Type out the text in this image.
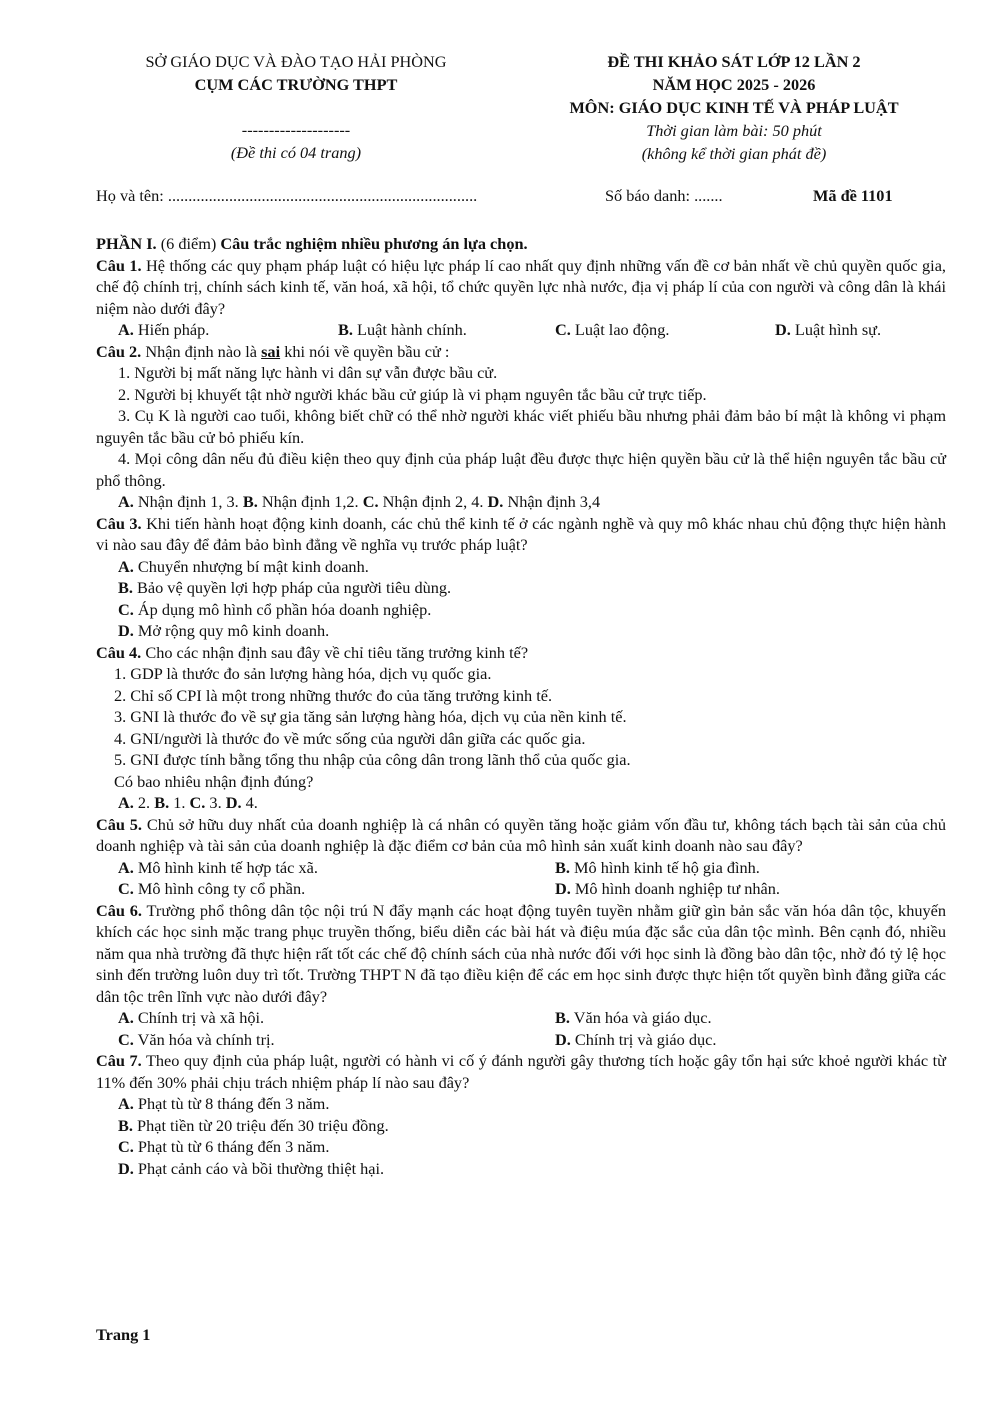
SỞ GIÁO DỤC VÀ ĐÀO TẠO HẢI PHÒNG
CỤM CÁC TRƯỜNG THPT
--------------------
(Đề thi có 04 trang)
ĐỀ THI KHẢO SÁT LỚP 12 LẦN 2
NĂM HỌC 2025 - 2026
MÔN: GIÁO DỤC KINH TẾ VÀ PHÁP LUẬT
Thời gian làm bài: 50 phút
(không kể thời gian phát đề)
Họ và tên: ............................................................................	Số báo danh: .......	Mã đề 1101
PHẦN I. (6 điểm) Câu trắc nghiệm nhiều phương án lựa chọn.
Câu 1. Hệ thống các quy phạm pháp luật có hiệu lực pháp lí cao nhất quy định những vấn đề cơ bản nhất về chủ quyền quốc gia, chế độ chính trị, chính sách kinh tế, văn hoá, xã hội, tổ chức quyền lực nhà nước, địa vị pháp lí của con người và công dân là khái niệm nào dưới đây?
A. Hiến pháp.	B. Luật hành chính.	C. Luật lao động.	D. Luật hình sự.
Câu 2. Nhận định nào là sai khi nói về quyền bầu cử :
1. Người bị mất năng lực hành vi dân sự vẫn được bầu cử.
2. Người bị khuyết tật nhờ người khác bầu cử giúp là vi phạm nguyên tắc bầu cử trực tiếp.
3. Cụ K là người cao tuổi, không biết chữ có thể nhờ người khác viết phiếu bầu nhưng phải đảm bảo bí mật là không vi phạm nguyên tắc bầu cử bỏ phiếu kín.
4. Mọi công dân nếu đủ điều kiện theo quy định của pháp luật đều được thực hiện quyền bầu cử là thể hiện nguyên tắc bầu cử phổ thông.
A. Nhận định 1, 3. B. Nhận định 1,2. C. Nhận định 2, 4. D. Nhận định 3,4
Câu 3. Khi tiến hành hoạt động kinh doanh, các chủ thể kinh tế ở các ngành nghề và quy mô khác nhau chủ động thực hiện hành vi nào sau đây để đảm bảo bình đẳng về nghĩa vụ trước pháp luật?
A. Chuyển nhượng bí mật kinh doanh.
B. Bảo vệ quyền lợi hợp pháp của người tiêu dùng.
C. Áp dụng mô hình cổ phần hóa doanh nghiệp.
D. Mở rộng quy mô kinh doanh.
Câu 4. Cho các nhận định sau đây về chỉ tiêu tăng trưởng kinh tế?
1. GDP là thước đo sản lượng hàng hóa, dịch vụ quốc gia.
2. Chỉ số CPI là một trong những thước đo của tăng trưởng kinh tế.
3. GNI là thước đo về sự gia tăng sản lượng hàng hóa, dịch vụ của nền kinh tế.
4. GNI/người là thước đo về mức sống của người dân giữa các quốc gia.
5. GNI được tính bằng tổng thu nhập của công dân trong lãnh thổ của quốc gia.
Có bao nhiêu nhận định đúng?
A. 2. B. 1. C. 3. D. 4.
Câu 5. Chủ sở hữu duy nhất của doanh nghiệp là cá nhân có quyền tăng hoặc giảm vốn đầu tư, không tách bạch tài sản của chủ doanh nghiệp và tài sản của doanh nghiệp là đặc điểm cơ bản của mô hình sản xuất kinh doanh nào sau đây?
A. Mô hình kinh tế hợp tác xã.	B. Mô hình kinh tế hộ gia đình.
C. Mô hình công ty cổ phần.	D. Mô hình doanh nghiệp tư nhân.
Câu 6. Trường phổ thông dân tộc nội trú N đẩy mạnh các hoạt động tuyên tuyền nhằm giữ gìn bản sắc văn hóa dân tộc, khuyến khích các học sinh mặc trang phục truyền thống, biểu diễn các bài hát và điệu múa đặc sắc của dân tộc mình. Bên cạnh đó, nhiều năm qua nhà trường đã thực hiện rất tốt các chế độ chính sách của nhà nước đối với học sinh là đồng bào dân tộc, nhờ đó tỷ lệ học sinh đến trường luôn duy trì tốt. Trường THPT N đã tạo điều kiện để các em học sinh được thực hiện tốt quyền bình đẳng giữa các dân tộc trên lĩnh vực nào dưới đây?
A. Chính trị và xã hội.	B. Văn hóa và giáo dục.
C. Văn hóa và chính trị.	D. Chính trị và giáo dục.
Câu 7. Theo quy định của pháp luật, người có hành vi cố ý đánh người gây thương tích hoặc gây tổn hại sức khoẻ người khác từ 11% đến 30% phải chịu trách nhiệm pháp lí nào sau đây?
A. Phạt tù từ 8 tháng đến 3 năm.
B. Phạt tiền từ 20 triệu đến 30 triệu đồng.
C. Phạt tù từ 6 tháng đến 3 năm.
D. Phạt cảnh cáo và bồi thường thiệt hại.
Trang 1
